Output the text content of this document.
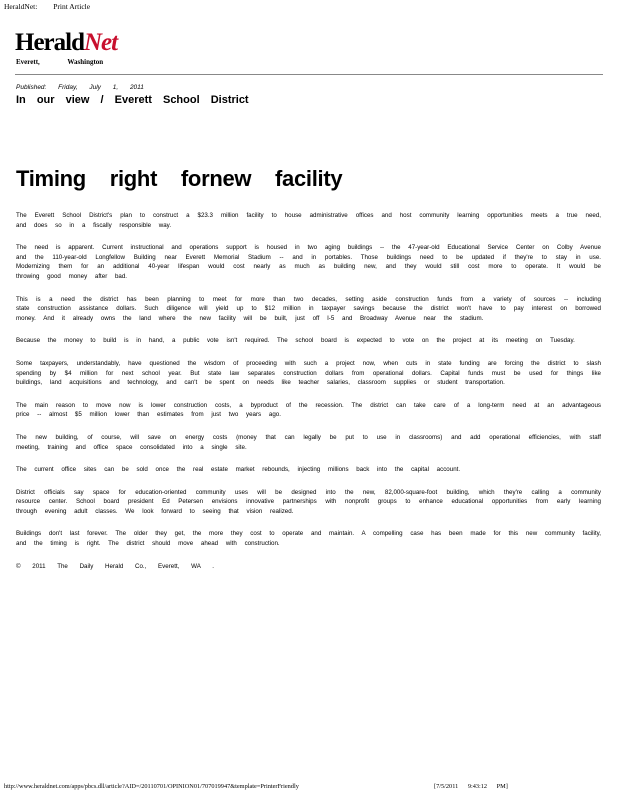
HeraldNet: Print Article
HeraldNet
Everett,	Washington
Published: Friday, July 1, 2011
In our view / Everett School District
Timing right fornew facility

The Everett School District's plan to construct a $23.3 million facility to house administrative offices and host community learning opportunities meets a true need, and does so in a fiscally responsible way.

The need is apparent. Current instructional and operations support is housed in two aging buildings -- the 47-year-old Educational Service Center on Colby Avenue and the 110-year-old Longfellow Building near Everett Memorial Stadium -- and in portables. Those buildings need to be updated if they're to stay in use. Modernizing them for an additional 40-year lifespan would cost nearly as much as building new, and they would still cost more to operate. It would be throwing good money after bad.

This is a need the district has been planning to meet for more than two decades, setting aside construction funds from a variety of sources -- including state construction assistance dollars. Such diligence will yield up to $12 million in taxpayer savings because the district won't have to pay interest on borrowed money. And it already owns the land where the new facility will be built, just off I-5 and Broadway Avenue near the stadium.

Because the money to build is in hand, a public vote isn't required. The school board is expected to vote on the project at its meeting on Tuesday.

Some taxpayers, understandably, have questioned the wisdom of proceeding with such a project now, when cuts in state funding are forcing the district to slash spending by $4 million for next school year. But state law separates construction dollars from operational dollars. Capital funds must be used for things like buildings, land acquisitions and technology, and can't be spent on needs like teacher salaries, classroom supplies or student transportation.

The main reason to move now is lower construction costs, a byproduct of the recession. The district can take care of a long-term need at an advantageous price -- almost $5 million lower than estimates from just two years ago.

The new building, of course, will save on energy costs (money that can legally be put to use in classrooms) and add operational efficiencies, with staff meeting, training and office space consolidated into a single site.

The current office sites can be sold once the real estate market rebounds, injecting millions back into the capital account.

District officials say space for education-oriented community uses will be designed into the new, 82,000-square-foot building, which they're calling a community resource center. School board president Ed Petersen envisions innovative partnerships with nonprofit groups to enhance educational opportunities from early learning through evening adult classes. We look forward to seeing that vision realized.

Buildings don't last forever. The older they get, the more they cost to operate and maintain. A compelling case has been made for this new community facility, and the timing is right. The district should move ahead with construction.

© 2011 The Daily Herald Co., Everett, WA .

http://www.heraldnet.com/apps/pbcs.dll/article?AID=/20110701/OPINION01/707019947&template=PrinterFriendly	[7/5/2011 9:43:12 PM]
